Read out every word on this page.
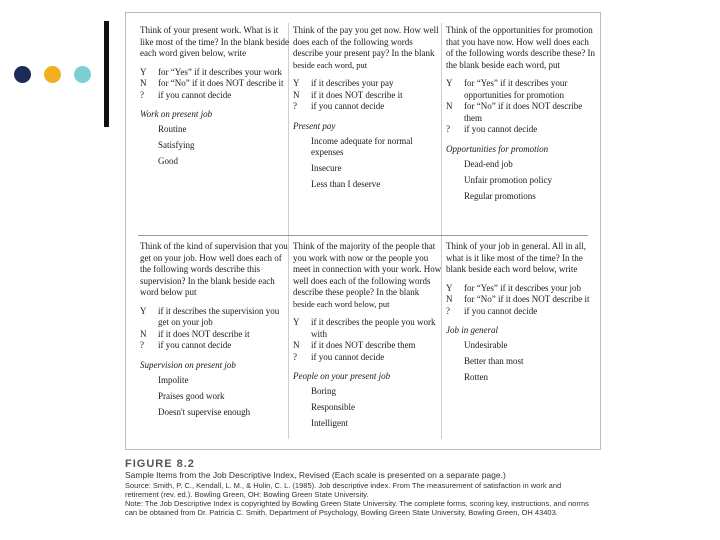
Think of your present work. What is it like most of the time? In the blank beside each word given below, write
Y	for “Yes” if it describes your work
N	for “No” if it does NOT describe it
?	if you cannot decide
Work on present job
Routine
Satisfying
Good
Think of the pay you get now. How well does each of the following words describe your present pay? In the blank
beside each word, put
Y	if it describes your pay
N	if it does NOT describe it
?	if you cannot decide
Present pay
Income adequate for normal expenses
Insecure
Less than I deserve
Think of the opportunities for promotion that you have now. How well does each of the following words describe these? In the blank beside each word, put
Y	for “Yes” if it describes your opportunities for promotion
N	for “No” if it does NOT describe them
?	if you cannot decide
Opportunities for promotion
Dead-end job
Unfair promotion policy
Regular promotions
Think of the kind of supervision that you get on your job. How well does each of the following words describe this supervision? In the blank beside each word below put
Y	if it describes the supervision you get on your job
N	if it does NOT describe it
?	if you cannot decide
Supervision on present job
Impolite
Praises good work
Doesn't supervise enough
Think of the majority of the people that you work with now or the people you meet in connection with your work. How well does each of the following words describe these people? In the blank
beside each word below, put
Y	if it describes the people you work with
N	if it does NOT describe them
?	if you cannot decide
People on your present job
Boring
Responsible
Intelligent
Think of your job in general. All in all, what is it like most of the time? In the blank beside each word below, write
Y	for “Yes” if it describes your job
N	for “No” if it does NOT describe it
?	if you cannot decide
Job in general
Undesirable
Better than most
Rotten
FIGURE 8.2
Sample Items from the Job Descriptive Index, Revised (Each scale is presented on a separate page.)
Source: Smith, P. C., Kendall, L. M., & Hulin, C. L. (1985). Job descriptive index. From The measurement of satisfaction in work and retirement (rev. ed.). Bowling Green, OH: Bowling Green State University.
Note: The Job Descriptive Index is copyrighted by Bowling Green State University. The complete forms, scoring key, instructions, and norms can be obtained from Dr. Patricia C. Smith, Department of Psychology, Bowling Green State University, Bowling Green, OH 43403.
